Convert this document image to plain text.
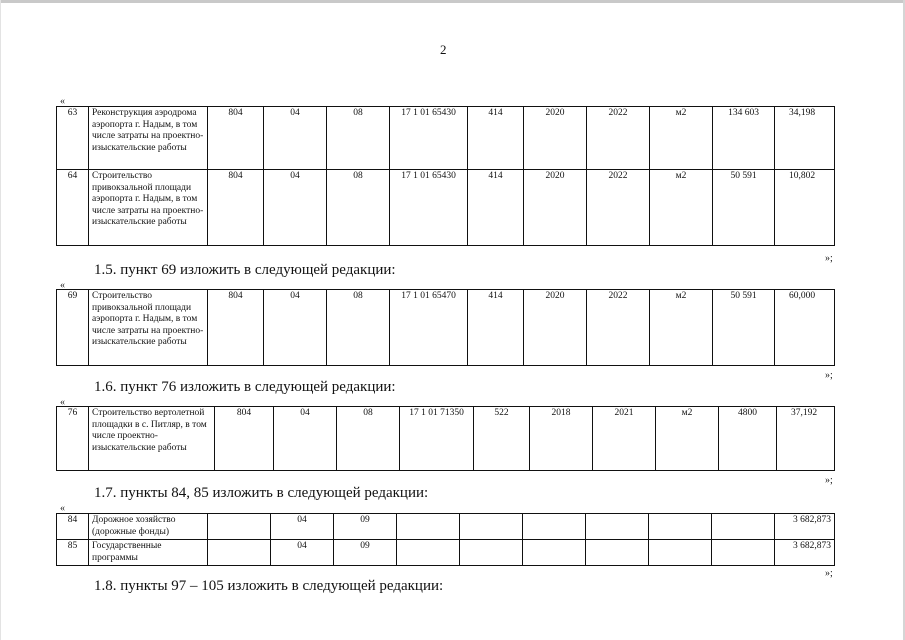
2
«
63	Реконструкция аэродрома аэропорта г. Надым, в том числе затраты на проектно-изыскательские работы	804	04	08	17 1 01 65430	414	2020	2022	м2	134 603	34,198
64	Строительство привокзальной площади аэропорта г. Надым, в том числе затраты на проектно-изыскательские работы	804	04	08	17 1 01 65430	414	2020	2022	м2	50 591	10,802
»;
1.5. пункт 69 изложить в следующей редакции:
«
69	Строительство привокзальной площади аэропорта г. Надым, в том числе затраты на проектно-изыскательские работы	804	04	08	17 1 01 65470	414	2020	2022	м2	50 591	60,000
»;
1.6. пункт 76 изложить в следующей редакции:
«
76	Строительство вертолетной площадки в с. Питляр, в том числе проектно-изыскательские работы	804	04	08	17 1 01 71350	522	2018	2021	м2	4800	37,192
»;
1.7. пункты 84, 85 изложить в следующей редакции:
«
84	Дорожное хозяйство (дорожные фонды)		04	09							3 682,873
85	Государственные программы		04	09							3 682,873
»;
1.8. пункты 97 – 105 изложить в следующей редакции:
